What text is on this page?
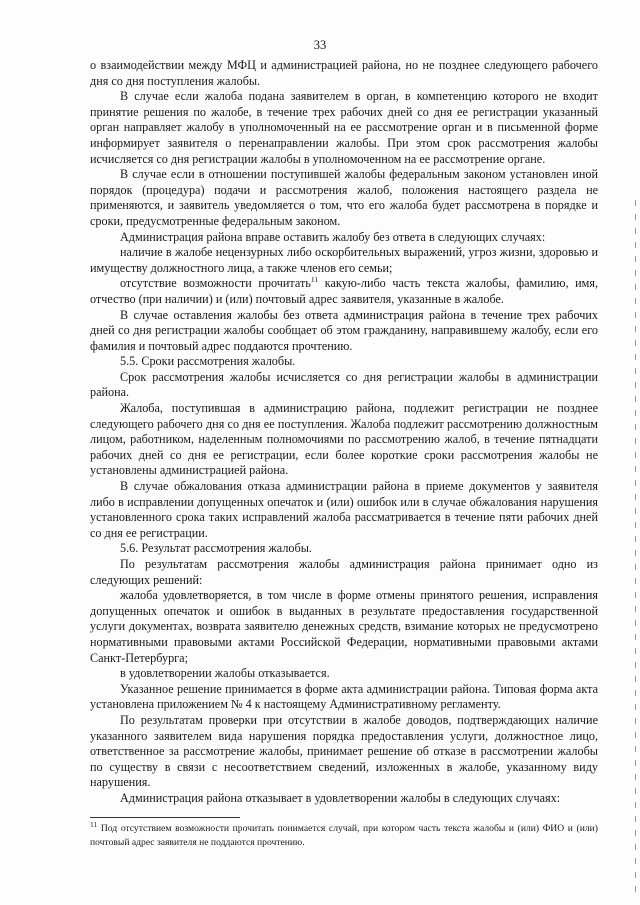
33

о взаимодействии между МФЦ и администрацией района, но не позднее следующего рабочего дня со дня поступления жалобы.

В случае если жалоба подана заявителем в орган, в компетенцию которого не входит принятие решения по жалобе, в течение трех рабочих дней со дня ее регистрации указанный орган направляет жалобу в уполномоченный на ее рассмотрение орган и в письменной форме информирует заявителя о перенаправлении жалобы. При этом срок рассмотрения жалобы исчисляется со дня регистрации жалобы в уполномоченном на ее рассмотрение органе.

В случае если в отношении поступившей жалобы федеральным законом установлен иной порядок (процедура) подачи и рассмотрения жалоб, положения настоящего раздела не применяются, и заявитель уведомляется о том, что его жалоба будет рассмотрена в порядке и сроки, предусмотренные федеральным законом.

Администрация района вправе оставить жалобу без ответа в следующих случаях:

наличие в жалобе нецензурных либо оскорбительных выражений, угроз жизни, здоровью и имуществу должностного лица, а также членов его семьи;

отсутствие возможности прочитать$^{11}$ какую-либо часть текста жалобы, фамилию, имя, отчество (при наличии) и (или) почтовый адрес заявителя, указанные в жалобе.

В случае оставления жалобы без ответа администрация района в течение трех рабочих дней со дня регистрации жалобы сообщает об этом гражданину, направившему жалобу, если его фамилия и почтовый адрес поддаются прочтению.

5.5. Сроки рассмотрения жалобы.

Срок рассмотрения жалобы исчисляется со дня регистрации жалобы в администрации района.

Жалоба, поступившая в администрацию района, подлежит регистрации не позднее следующего рабочего дня со дня ее поступления. Жалоба подлежит рассмотрению должностным лицом, работником, наделенным полномочиями по рассмотрению жалоб, в течение пятнадцати рабочих дней со дня ее регистрации, если более короткие сроки рассмотрения жалобы не установлены администрацией района.

В случае обжалования отказа администрации района в приеме документов у заявителя либо в исправлении допущенных опечаток и (или) ошибок или в случае обжалования нарушения установленного срока таких исправлений жалоба рассматривается в течение пяти рабочих дней со дня ее регистрации.

5.6. Результат рассмотрения жалобы.

По результатам рассмотрения жалобы администрация района принимает одно из следующих решений:

жалоба удовлетворяется, в том числе в форме отмены принятого решения, исправления допущенных опечаток и ошибок в выданных в результате предоставления государственной услуги документах, возврата заявителю денежных средств, взимание которых не предусмотрено нормативными правовыми актами Российской Федерации, нормативными правовыми актами Санкт-Петербурга;

в удовлетворении жалобы отказывается.

Указанное решение принимается в форме акта администрации района. Типовая форма акта установлена приложением № 4 к настоящему Административному регламенту.

По результатам проверки при отсутствии в жалобе доводов, подтверждающих наличие указанного заявителем вида нарушения порядка предоставления услуги, должностное лицо, ответственное за рассмотрение жалобы, принимает решение об отказе в рассмотрении жалобы по существу в связи с несоответствием сведений, изложенных в жалобе, указанному виду нарушения.

Администрация района отказывает в удовлетворении жалобы в следующих случаях:

$^{11}$ Под отсутствием возможности прочитать понимается случай, при котором часть текста жалобы и (или) ФИО и (или) почтовый адрес заявителя не поддаются прочтению.
